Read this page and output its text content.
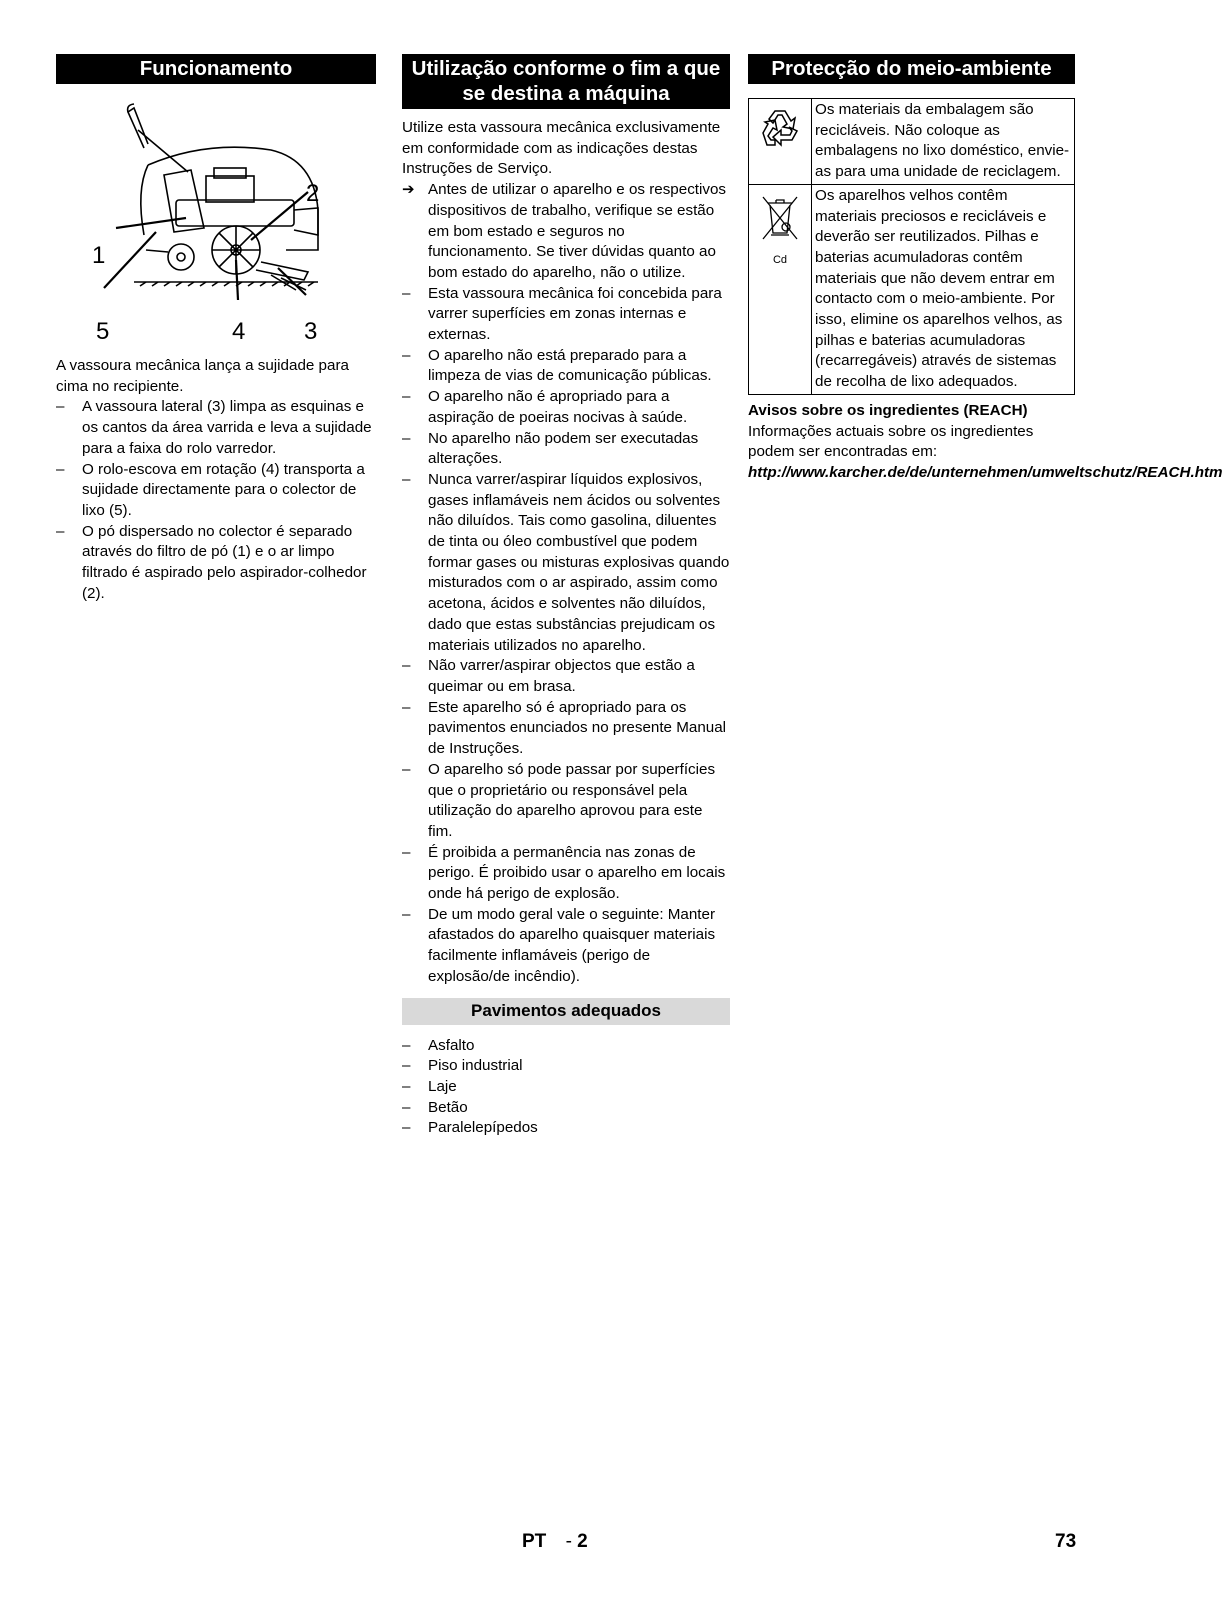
Funcionamento
1
2
3
4
5

A vassoura mecânica lança a sujidade para cima no recipiente.

–	A vassoura lateral (3) limpa as esquinas e os cantos da área varrida e leva a sujidade para a faixa do rolo varredor.
–	O rolo-escova em rotação (4) transporta a sujidade directamente para o colector de lixo (5).
–	O pó dispersado no colector é separado através do filtro de pó (1) e o ar limpo filtrado é aspirado pelo aspirador-colhedor (2).
Utilização conforme o fim a que se destina a máquina

Utilize esta vassoura mecânica exclusivamente em conformidade com as indicações destas Instruções de Serviço.

➔ Antes de utilizar o aparelho e os respectivos dispositivos de trabalho, verifique se estão em bom estado e seguros no funcionamento. Se tiver dúvidas quanto ao bom estado do aparelho, não o utilize.
–	Esta vassoura mecânica foi concebida para varrer superfícies em zonas internas e externas.
–	O aparelho não está preparado para a limpeza de vias de comunicação públicas.
–	O aparelho não é apropriado para a aspiração de poeiras nocivas à saúde.
–	No aparelho não podem ser executadas alterações.
–	Nunca varrer/aspirar líquidos explosivos, gases inflamáveis nem ácidos ou solventes não diluídos. Tais como gasolina, diluentes de tinta ou óleo combustível que podem formar gases ou misturas explosivas quando misturados com o ar aspirado, assim como acetona, ácidos e solventes não diluídos, dado que estas substâncias prejudicam os materiais utilizados no aparelho.
–	Não varrer/aspirar objectos que estão a queimar ou em brasa.
–	Este aparelho só é apropriado para os pavimentos enunciados no presente Manual de Instruções.
–	O aparelho só pode passar por superfícies que o proprietário ou responsável pela utilização do aparelho aprovou para este fim.
–	É proibida a permanência nas zonas de perigo. É proibido usar o aparelho em locais onde há perigo de explosão.
–	De um modo geral vale o seguinte: Manter afastados do aparelho quaisquer materiais facilmente inflamáveis (perigo de explosão/de incêndio).
Pavimentos adequados
–	Asfalto
–	Piso industrial
–	Laje
–	Betão
–	Paralelepípedos
Protecção do meio-ambiente
	Os materiais da embalagem são recicláveis. Não coloque as embalagens no lixo doméstico, envie-as para uma unidade de reciclagem.

Cd	Os aparelhos velhos contêm materiais preciosos e recicláveis e deverão ser reutilizados. Pilhas e baterias acumuladoras contêm materiais que não devem entrar em contacto com o meio-ambiente. Por isso, elimine os aparelhos velhos, as pilhas e baterias acumuladoras (recarregáveis) através de sistemas de recolha de lixo adequados.

Avisos sobre os ingredientes (REACH)

Informações actuais sobre os ingredientes podem ser encontradas em:

http://www.karcher.de/de/unternehmen/umweltschutz/REACH.htm

PT - 2	73
